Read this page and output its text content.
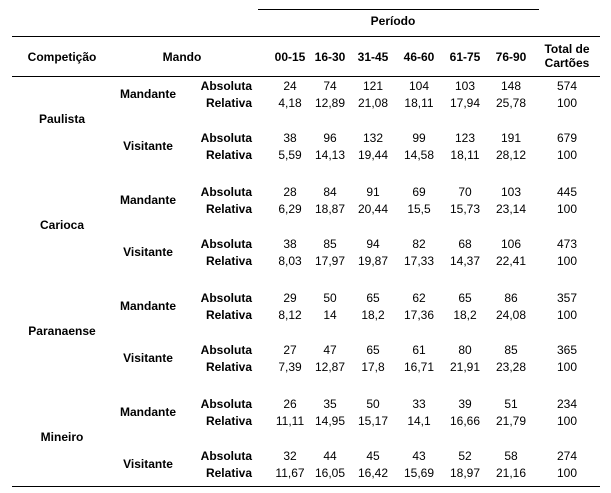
Período
Competição	Mando	00-15 16-30 31-45 46-60 61-75 76-90
Total de
Cartões
Paulista
Mandante
Absoluta
Relativa
24
4,18
74
12,89
121
21,08
104
18,11
103
17,94
148
25,78
574
100
Visitante
Absoluta
Relativa
38
5,59
96
14,13
132
19,44
99
14,58
123
18,11
191
28,12
679
100
Carioca
Mandante
Absoluta
Relativa
28
6,29
84
18,87
91
20,44
69
15,5
70
15,73
103
23,14
445
100
Visitante
Absoluta
Relativa
38
8,03
85
17,97
94
19,87
82
17,33
68
14,37
106
22,41
473
100
Paranaense
Mandante
Absoluta
Relativa
29
8,12
50
14
65
18,2
62
17,36
65
18,2
86
24,08
357
100
Visitante
Absoluta
Relativa
27
7,39
47
12,87
65
17,8
61
16,71
80
21,91
85
23,28
365
100
Mineiro
Mandante
Absoluta
Relativa
26
11,11
35
14,95
50
15,17
33
14,1
39
16,66
51
21,79
234
100
Visitante
Absoluta
Relativa
32
11,67
44
16,05
45
16,42
43
15,69
52
18,97
58
21,16
274
100
